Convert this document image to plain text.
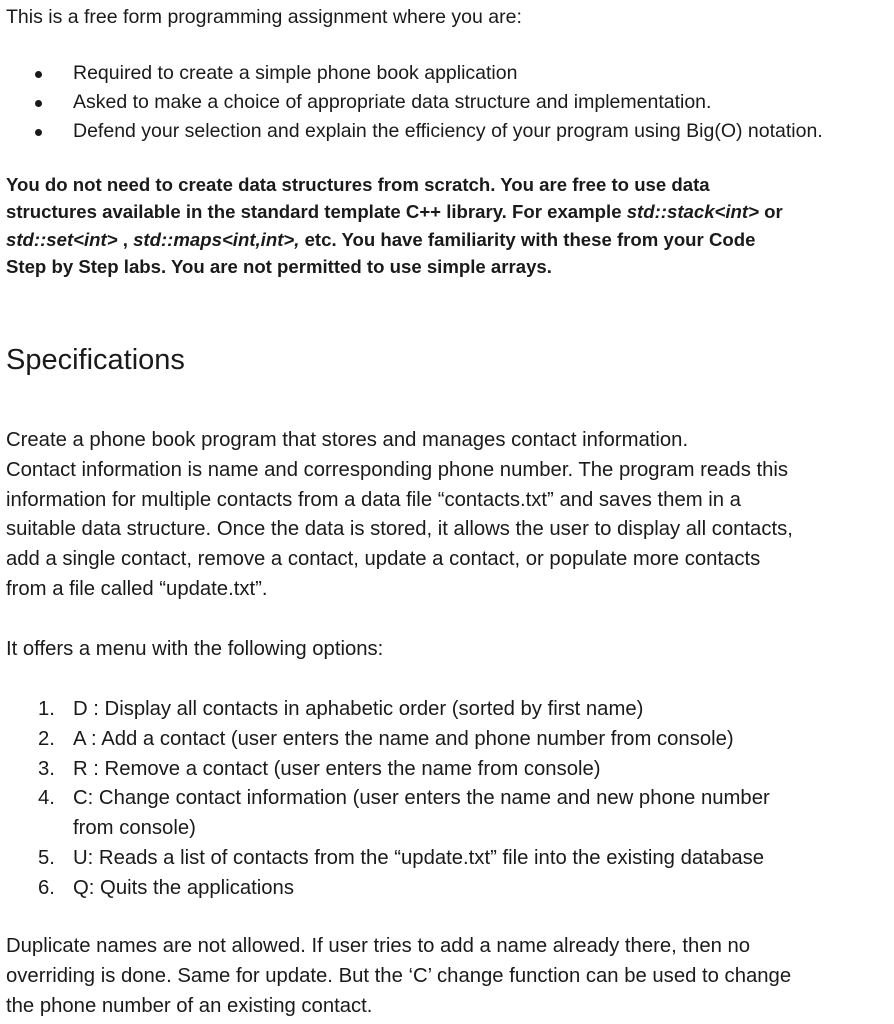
This is a free form programming assignment where you are:

Required to create a simple phone book application
Asked to make a choice of appropriate data structure and implementation.
Defend your selection and explain the efficiency of your program using Big(O) notation.
You do not need to create data structures from scratch. You are free to use data
structures available in the standard template C++ library. For example std::stack<int> or
std::set<int> , std::maps<int,int>, etc. You have familiarity with these from your Code
Step by Step labs. You are not permitted to use simple arrays.
Specifications
Create a phone book program that stores and manages contact information.
Contact information is name and corresponding phone number. The program reads this
information for multiple contacts from a data file “contacts.txt” and saves them in a
suitable data structure. Once the data is stored, it allows the user to display all contacts,
add a single contact, remove a contact, update a contact, or populate more contacts
from a file called “update.txt”.
It offers a menu with the following options:
1. D : Display all contacts in aphabetic order (sorted by first name)
2. A : Add a contact (user enters the name and phone number from console)
3. R : Remove a contact (user enters the name from console)
4. C: Change contact information (user enters the name and new phone number
from console)
5. U: Reads a list of contacts from the “update.txt” file into the existing database
6. Q: Quits the applications
Duplicate names are not allowed. If user tries to add a name already there, then no
overriding is done. Same for update. But the ‘C’ change function can be used to change
the phone number of an existing contact.
